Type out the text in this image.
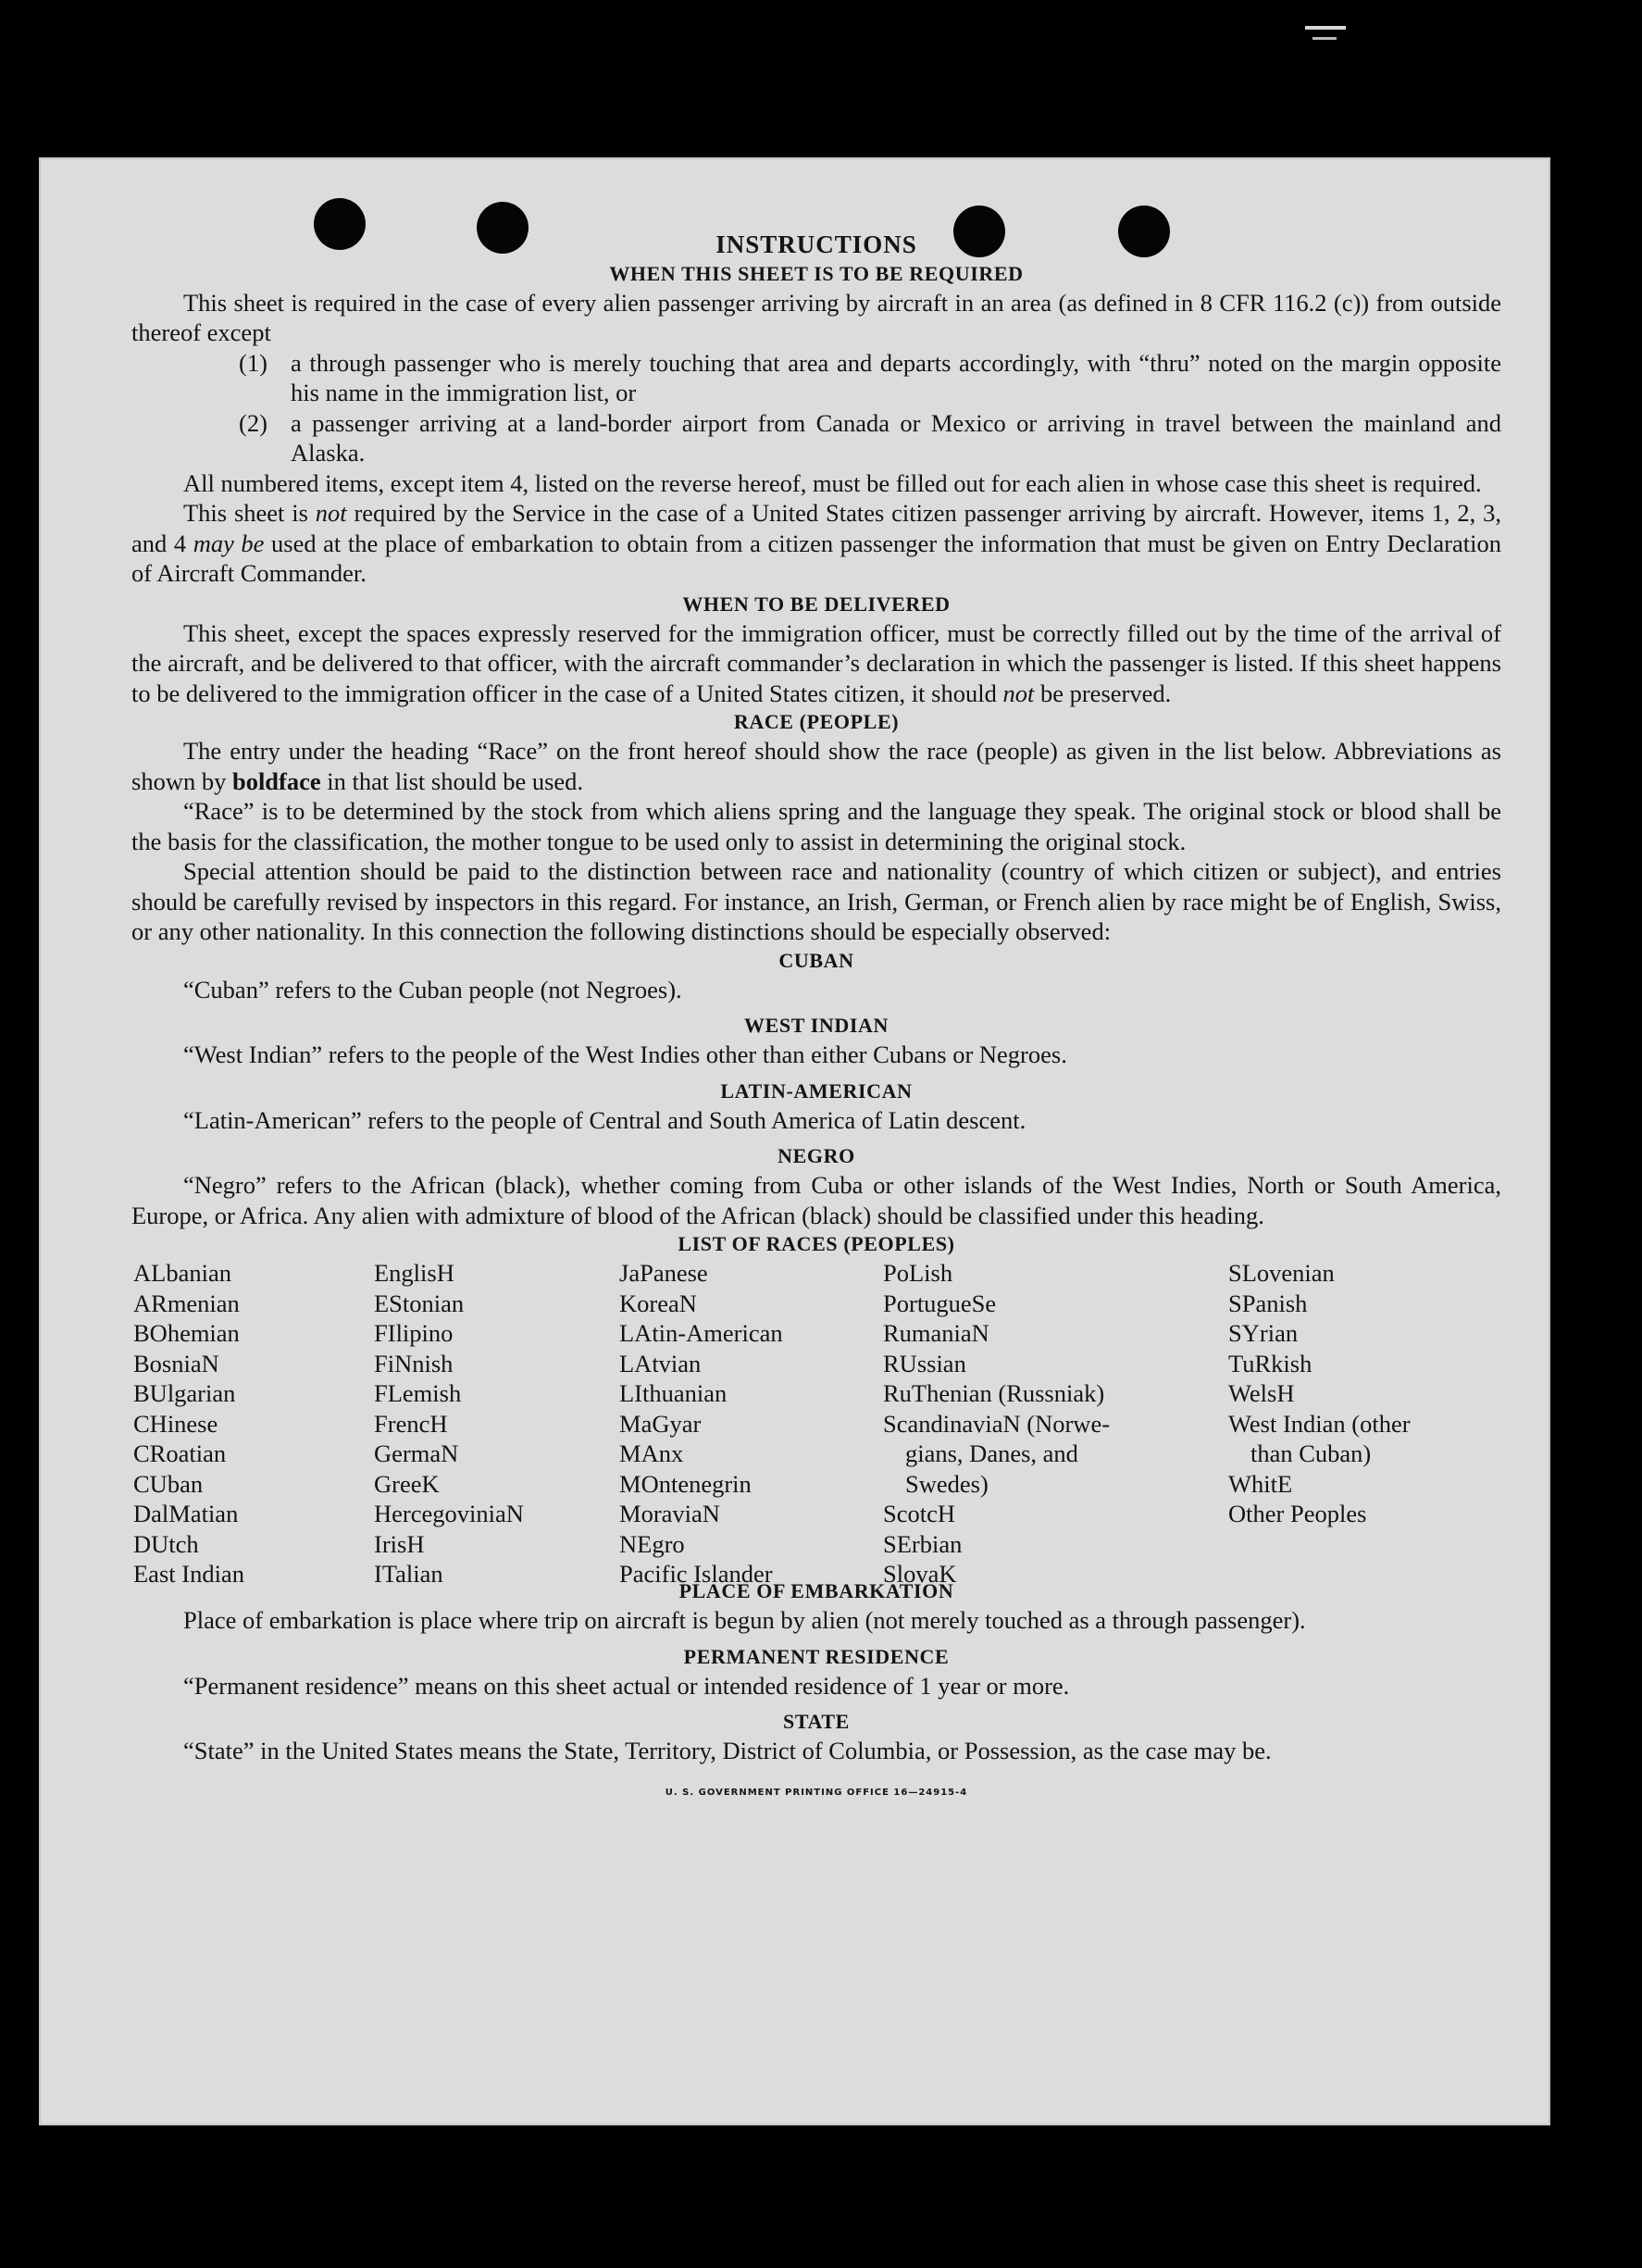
INSTRUCTIONS
WHEN THIS SHEET IS TO BE REQUIRED

This sheet is required in the case of every alien passenger arriving by aircraft in an area (as defined in 8 CFR 116.2 (c)) from outside thereof except

(1) a through passenger who is merely touching that area and departs accordingly, with “thru” noted on the margin opposite his name in the immigration list, or
(2) a passenger arriving at a land-border airport from Canada or Mexico or arriving in travel between the mainland and Alaska.

All numbered items, except item 4, listed on the reverse hereof, must be filled out for each alien in whose case this sheet is required.

This sheet is not required by the Service in the case of a United States citizen passenger arriving by aircraft. However, items 1, 2, 3, and 4 may be used at the place of embarkation to obtain from a citizen passenger the information that must be given on Entry Declaration of Aircraft Commander.

WHEN TO BE DELIVERED

This sheet, except the spaces expressly reserved for the immigration officer, must be correctly filled out by the time of the arrival of the aircraft, and be delivered to that officer, with the aircraft commander’s declaration in which the passenger is listed. If this sheet happens to be delivered to the immigration officer in the case of a United States citizen, it should not be preserved.

RACE (PEOPLE)

The entry under the heading “Race” on the front hereof should show the race (people) as given in the list below. Abbreviations as shown by boldface in that list should be used.

“Race” is to be determined by the stock from which aliens spring and the language they speak. The original stock or blood shall be the basis for the classification, the mother tongue to be used only to assist in determining the original stock.

Special attention should be paid to the distinction between race and nationality (country of which citizen or subject), and entries should be carefully revised by inspectors in this regard. For instance, an Irish, German, or French alien by race might be of English, Swiss, or any other nationality. In this connection the following distinctions should be especially observed:

CUBAN

“Cuban” refers to the Cuban people (not Negroes).

WEST INDIAN

“West Indian” refers to the people of the West Indies other than either Cubans or Negroes.

LATIN-AMERICAN

“Latin-American” refers to the people of Central and South America of Latin descent.

NEGRO

“Negro” refers to the African (black), whether coming from Cuba or other islands of the West Indies, North or South America, Europe, or Africa. Any alien with admixture of blood of the African (black) should be classified under this heading.

LIST OF RACES (PEOPLES)
ALbanian
ARmenian
BOhemian
BosniaN
BUlgarian
CHinese
CRoatian
CUban
DalMatian
DUtch
East Indian
EnglisH
EStonian
FIlipino
FiNnish
FLemish
FrencH
GermaN
GreeK
HercegovinіaN
IrisH
ITalian
JaPanese
KoreaN
LAtin-American
LAtvian
LIthuanian
MaGyar
MAnx
MOntenegrin
MoraviaN
NEgro
Pacific Islander
PoLish
PortugueSe
RumaniaN
RUssian
RuThenian (Russniak)
ScandinaviaN (Norwe-
gians, Danes, and
Swedes)
ScotcH
SErbian
SlovaK
SLovenian
SPanish
SYrian
TuRkish
WelsH
West Indian (other
than Cuban)
WhitE
Other Peoples
PLACE OF EMBARKATION

Place of embarkation is place where trip on aircraft is begun by alien (not merely touched as a through passenger).

PERMANENT RESIDENCE

“Permanent residence” means on this sheet actual or intended residence of 1 year or more.

STATE

“State” in the United States means the State, Territory, District of Columbia, or Possession, as the case may be.

U. S. GOVERNMENT PRINTING OFFICE 16—24915-4
